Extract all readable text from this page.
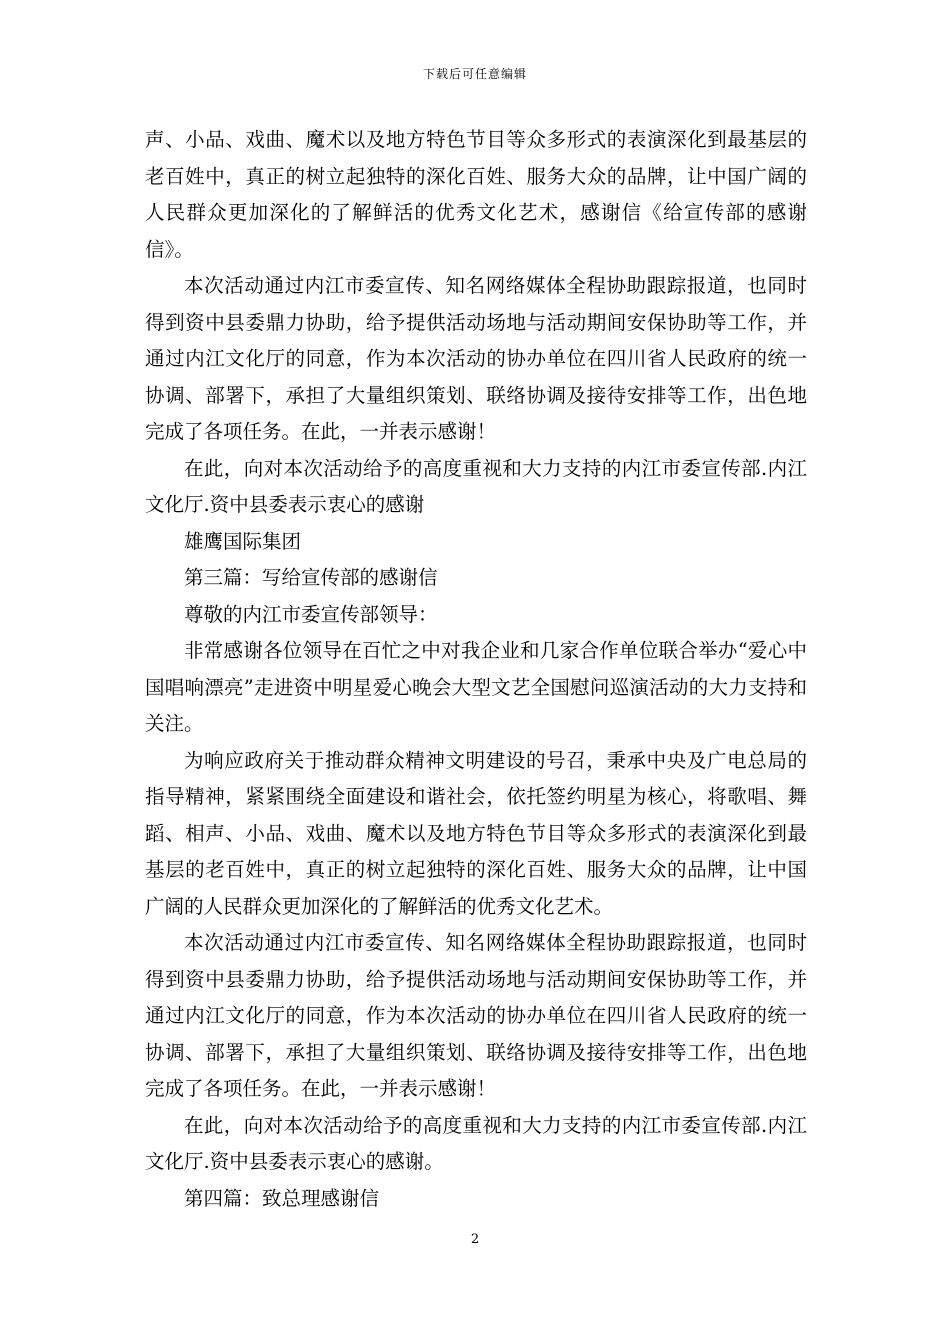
下载后可任意编辑

声、小品、戏曲、魔术以及地方特色节目等众多形式的表演深化到最基层的老百姓中，真正的树立起独特的深化百姓、服务大众的品牌，让中国广阔的人民群众更加深化的了解鲜活的优秀文化艺术，感谢信《给宣传部的感谢信》。

本次活动通过内江市委宣传、知名网络媒体全程协助跟踪报道，也同时得到资中县委鼎力协助，给予提供活动场地与活动期间安保协助等工作，并通过内江文化厅的同意，作为本次活动的协办单位在四川省人民政府的统一协调、部署下，承担了大量组织策划、联络协调及接待安排等工作，出色地完成了各项任务。在此，一并表示感谢！

在此，向对本次活动给予的高度重视和大力支持的内江市委宣传部.内江文化厅.资中县委表示衷心的感谢

雄鹰国际集团

第三篇：写给宣传部的感谢信

尊敬的内江市委宣传部领导：

非常感谢各位领导在百忙之中对我企业和几家合作单位联合举办“爱心中国唱响漂亮”走进资中明星爱心晚会大型文艺全国慰问巡演活动的大力支持和关注。

为响应政府关于推动群众精神文明建设的号召，秉承中央及广电总局的指导精神，紧紧围绕全面建设和谐社会，依托签约明星为核心，将歌唱、舞蹈、相声、小品、戏曲、魔术以及地方特色节目等众多形式的表演深化到最基层的老百姓中，真正的树立起独特的深化百姓、服务大众的品牌，让中国广阔的人民群众更加深化的了解鲜活的优秀文化艺术。

本次活动通过内江市委宣传、知名网络媒体全程协助跟踪报道，也同时得到资中县委鼎力协助，给予提供活动场地与活动期间安保协助等工作，并通过内江文化厅的同意，作为本次活动的协办单位在四川省人民政府的统一协调、部署下，承担了大量组织策划、联络协调及接待安排等工作，出色地完成了各项任务。在此，一并表示感谢！

在此，向对本次活动给予的高度重视和大力支持的内江市委宣传部.内江文化厅.资中县委表示衷心的感谢。

第四篇：致总理感谢信

2
